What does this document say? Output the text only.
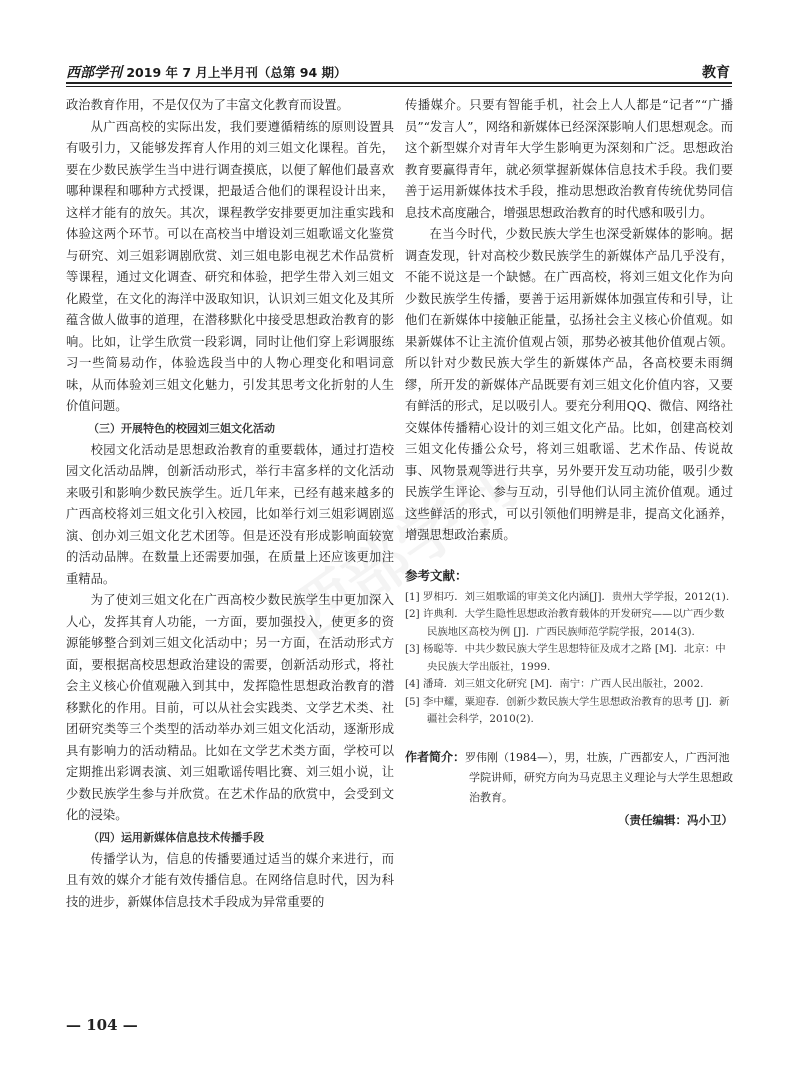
西部学刊 2019 年 7 月上半月刊（总第 94 期）	教育

政治教育作用，不是仅仅为了丰富文化教育而设置。

从广西高校的实际出发，我们要遵循精练的原则设置具有吸引力，又能够发挥育人作用的刘三姐文化课程。首先，要在少数民族学生当中进行调查摸底，以便了解他们最喜欢哪种课程和哪种方式授课，把最适合他们的课程设计出来，这样才能有的放矢。其次，课程教学安排要更加注重实践和体验这两个环节。可以在高校当中增设刘三姐歌谣文化鉴赏与研究、刘三姐彩调剧欣赏、刘三姐电影电视艺术作品赏析等课程，通过文化调查、研究和体验，把学生带入刘三姐文化殿堂，在文化的海洋中汲取知识，认识刘三姐文化及其所蕴含做人做事的道理，在潜移默化中接受思想政治教育的影响。比如，让学生欣赏一段彩调，同时让他们穿上彩调服练习一些简易动作，体验选段当中的人物心理变化和唱词意味，从而体验刘三姐文化魅力，引发其思考文化折射的人生价值问题。

（三）开展特色的校园刘三姐文化活动

校园文化活动是思想政治教育的重要载体，通过打造校园文化活动品牌，创新活动形式，举行丰富多样的文化活动来吸引和影响少数民族学生。近几年来，已经有越来越多的广西高校将刘三姐文化引入校园，比如举行刘三姐彩调剧巡演、创办刘三姐文化艺术团等。但是还没有形成影响面较宽的活动品牌。在数量上还需要加强，在质量上还应该更加注重精品。

为了使刘三姐文化在广西高校少数民族学生中更加深入人心，发挥其育人功能，一方面，要加强投入，使更多的资源能够整合到刘三姐文化活动中；另一方面，在活动形式方面，要根据高校思想政治建设的需要，创新活动形式，将社会主义核心价值观融入到其中，发挥隐性思想政治教育的潜移默化的作用。目前，可以从社会实践类、文学艺术类、社团研究类等三个类型的活动举办刘三姐文化活动，逐渐形成具有影响力的活动精品。比如在文学艺术类方面，学校可以定期推出彩调表演、刘三姐歌谣传唱比赛、刘三姐小说，让少数民族学生参与并欣赏。在艺术作品的欣赏中，会受到文化的浸染。

（四）运用新媒体信息技术传播手段

传播学认为，信息的传播要通过适当的媒介来进行，而且有效的媒介才能有效传播信息。在网络信息时代，因为科技的进步，新媒体信息技术手段成为异常重要的

传播媒介。只要有智能手机，社会上人人都是“记者”“广播员”“发言人”，网络和新媒体已经深深影响人们思想观念。而这个新型媒介对青年大学生影响更为深刻和广泛。思想政治教育要赢得青年，就必须掌握新媒体信息技术手段。我们要善于运用新媒体技术手段，推动思想政治教育传统优势同信息技术高度融合，增强思想政治教育的时代感和吸引力。

在当今时代，少数民族大学生也深受新媒体的影响。据调查发现，针对高校少数民族学生的新媒体产品几乎没有，不能不说这是一个缺憾。在广西高校，将刘三姐文化作为向少数民族学生传播，要善于运用新媒体加强宣传和引导，让他们在新媒体中接触正能量，弘扬社会主义核心价值观。如果新媒体不让主流价值观占领，那势必被其他价值观占领。所以针对少数民族大学生的新媒体产品，各高校要未雨绸缪，所开发的新媒体产品既要有刘三姐文化价值内容，又要有鲜活的形式，足以吸引人。要充分利用QQ、微信、网络社交媒体传播精心设计的刘三姐文化产品。比如，创建高校刘三姐文化传播公众号，将刘三姐歌谣、艺术作品、传说故事、风物景观等进行共享，另外要开发互动功能，吸引少数民族学生评论、参与互动，引导他们认同主流价值观。通过这些鲜活的形式，可以引领他们明辨是非，提高文化涵养，增强思想政治素质。

参考文献：
[1] 罗相巧．刘三姐歌谣的审美文化内涵[J]．贵州大学学报，2012(1).
[2] 许典利．大学生隐性思想政治教育载体的开发研究——以广西少数民族地区高校为例 [J]．广西民族师范学院学报，2014(3).
[3] 杨聪等．中共少数民族大学生思想特征及成才之路 [M]．北京：中央民族大学出版社，1999.
[4] 潘琦．刘三姐文化研究 [M]．南宁：广西人民出版社，2002.
[5] 李中耀，粟迎春．创新少数民族大学生思想政治教育的思考 [J]．新疆社会科学，2010(2).
作者简介：罗伟刚（1984—），男，壮族，广西都安人，广西河池学院讲师，研究方向为马克思主义理论与大学生思想政治教育。
（责任编辑：冯小卫）
— 104 —
